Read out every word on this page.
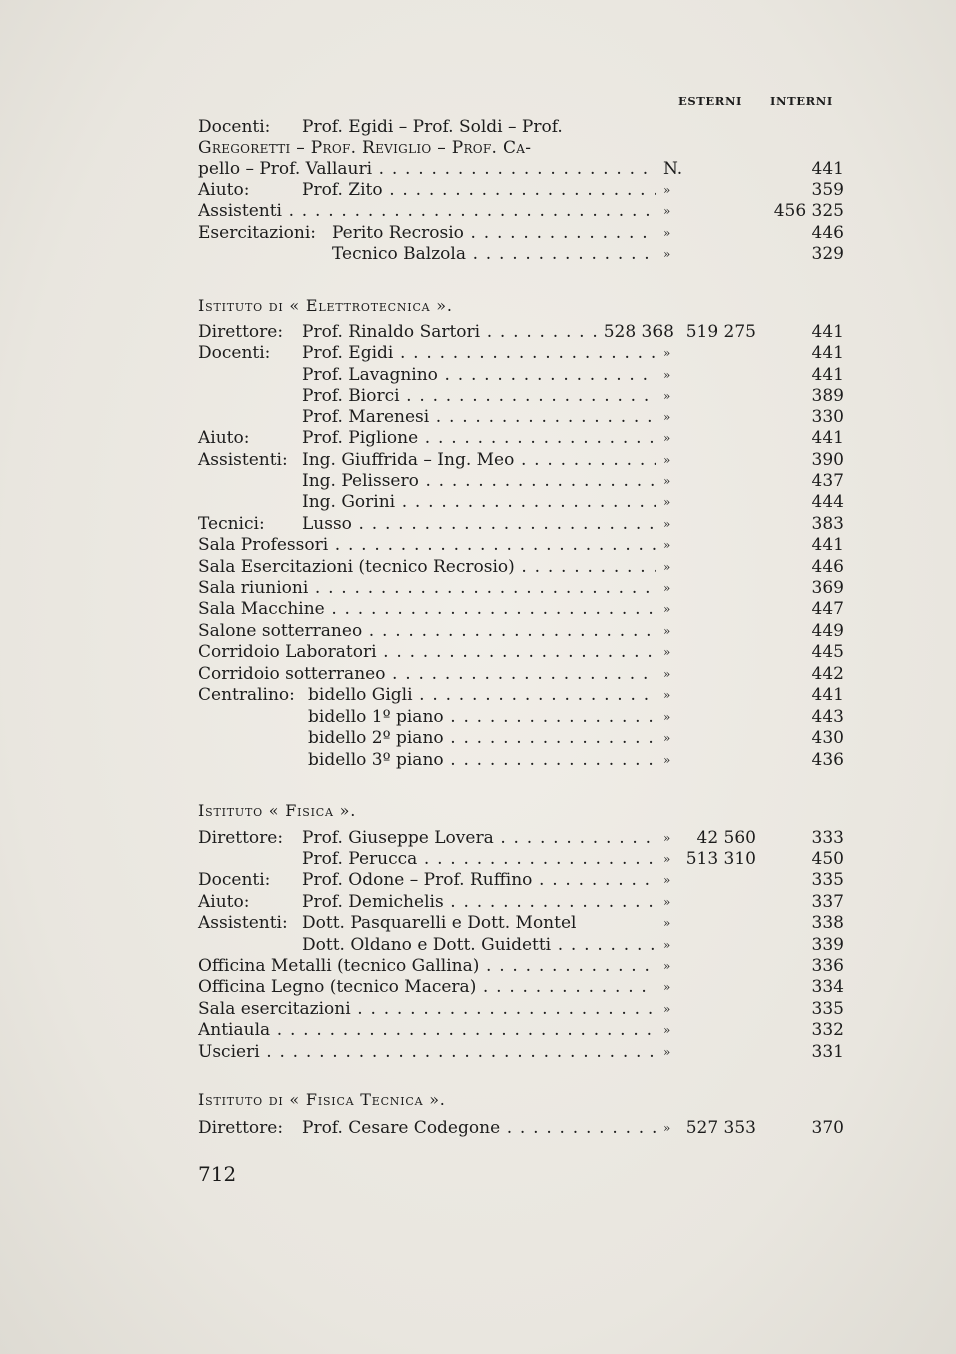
ESTERNI INTERNI
Docenti: Prof. Egidi – Prof. Soldi – Prof.
Gregoretti – Prof. Reviglio – Prof. Ca-
pello – Prof. Vallauri . . .	N.	441
Aiuto:	Prof. Zito . . .	»	359
Assistenti . . .	»	456 325
Esercitazioni: Perito Recrosio . . .	»	446
Tecnico Balzola . . .	»	329
Istituto di « Elettrotecnica ».
Direttore: Prof. Rinaldo Sartori . . .	528 368 519 275	441
Docenti: Prof. Egidi . . .	»	441
Prof. Lavagnino . . .	»	441
Prof. Biorci . . .	»	389
Prof. Marenesi . . .	»	330
Aiuto:	Prof. Piglione . . .	»	441
Assistenti: Ing. Giuffrida – Ing. Meo . . .	»	390
Ing. Pelissero . . .	»	437
Ing. Gorini . . .	»	444
Tecnici: Lusso . . .	»	383
Sala Professori . . .	»	441
Sala Esercitazioni (tecnico Recrosio) . . .	»	446
Sala riunioni . . .	»	369
Sala Macchine . . .	»	447
Salone sotterraneo . . .	»	449
Corridoio Laboratori . . .	»	445
Corridoio sotterraneo . . .	»	442
Centralino: bidello Gigli . . .	»	441
bidello 1º piano . . .	»	443
bidello 2º piano . . .	»	430
bidello 3º piano . . .	»	436
Istituto « Fisica ».
Direttore: Prof. Giuseppe Lovera . . .	» 42 560	333
Prof. Perucca . . .	» 513 310	450
Docenti: Prof. Odone – Prof. Ruffino . . .	»	335
Aiuto:	Prof. Demichelis . . .	»	337
Assistenti: Dott. Pasquarelli e Dott. Montel	»	338
Dott. Oldano e Dott. Guidetti . . .	»	339
Officina Metalli (tecnico Gallina) . . .	»	336
Officina Legno (tecnico Macera) . . .	»	334
Sala esercitazioni . . .	»	335
Antiaula . . .	»	332
Uscieri . . .	»	331
Istituto di « Fisica Tecnica ».
Direttore: Prof. Cesare Codegone . . .	» 527 353	370
712
